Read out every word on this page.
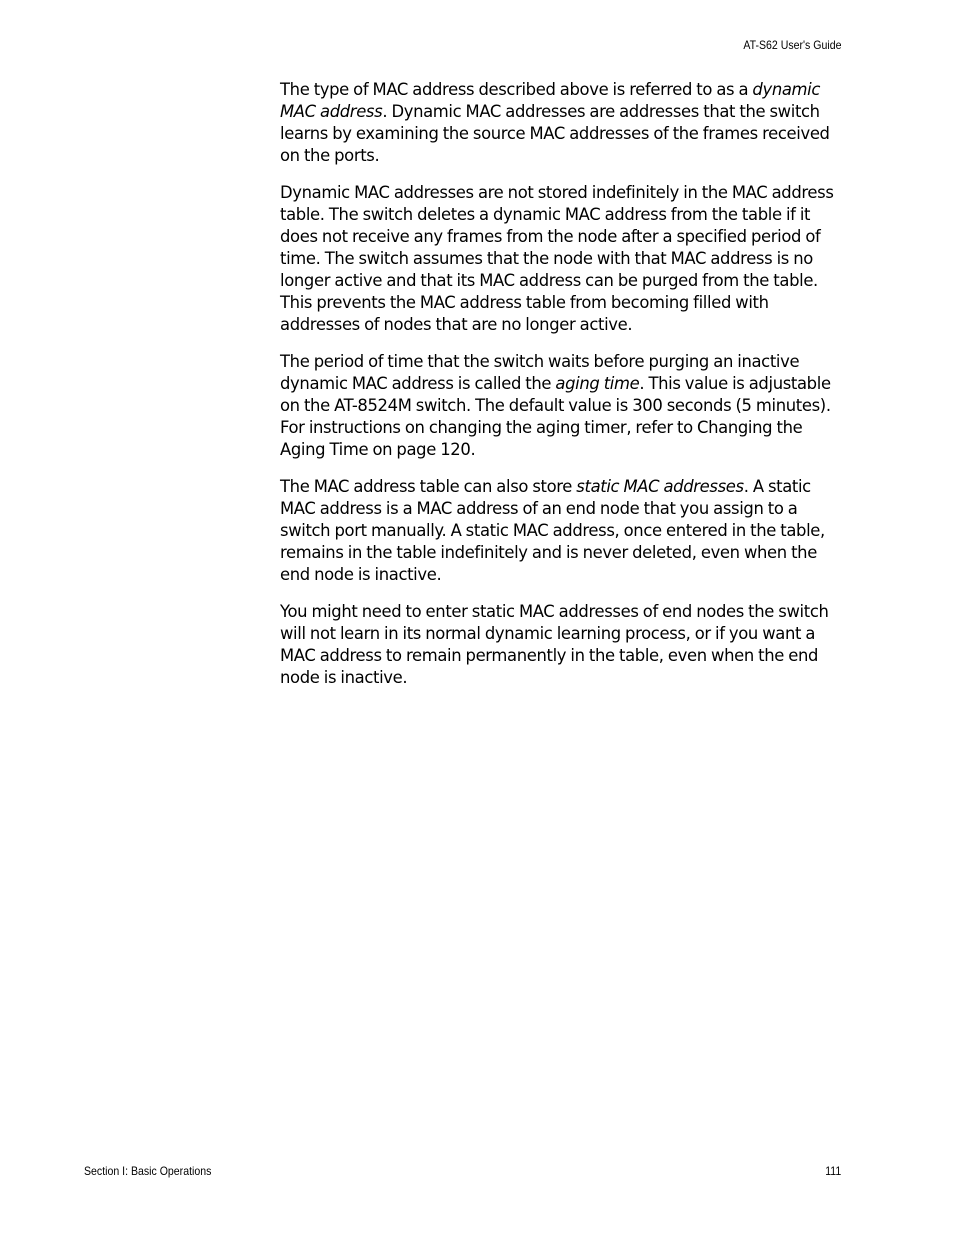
AT-S62 User's Guide

The type of MAC address described above is referred to as a dynamic MAC address. Dynamic MAC addresses are addresses that the switch learns by examining the source MAC addresses of the frames received on the ports.

Dynamic MAC addresses are not stored indefinitely in the MAC address table. The switch deletes a dynamic MAC address from the table if it does not receive any frames from the node after a specified period of time. The switch assumes that the node with that MAC address is no longer active and that its MAC address can be purged from the table. This prevents the MAC address table from becoming filled with addresses of nodes that are no longer active.

The period of time that the switch waits before purging an inactive dynamic MAC address is called the aging time. This value is adjustable on the AT-8524M switch. The default value is 300 seconds (5 minutes). For instructions on changing the aging timer, refer to Changing the Aging Time on page 120.

The MAC address table can also store static MAC addresses. A static MAC address is a MAC address of an end node that you assign to a switch port manually. A static MAC address, once entered in the table, remains in the table indefinitely and is never deleted, even when the end node is inactive.

You might need to enter static MAC addresses of end nodes the switch will not learn in its normal dynamic learning process, or if you want a MAC address to remain permanently in the table, even when the end node is inactive.

Section I: Basic Operations	111
